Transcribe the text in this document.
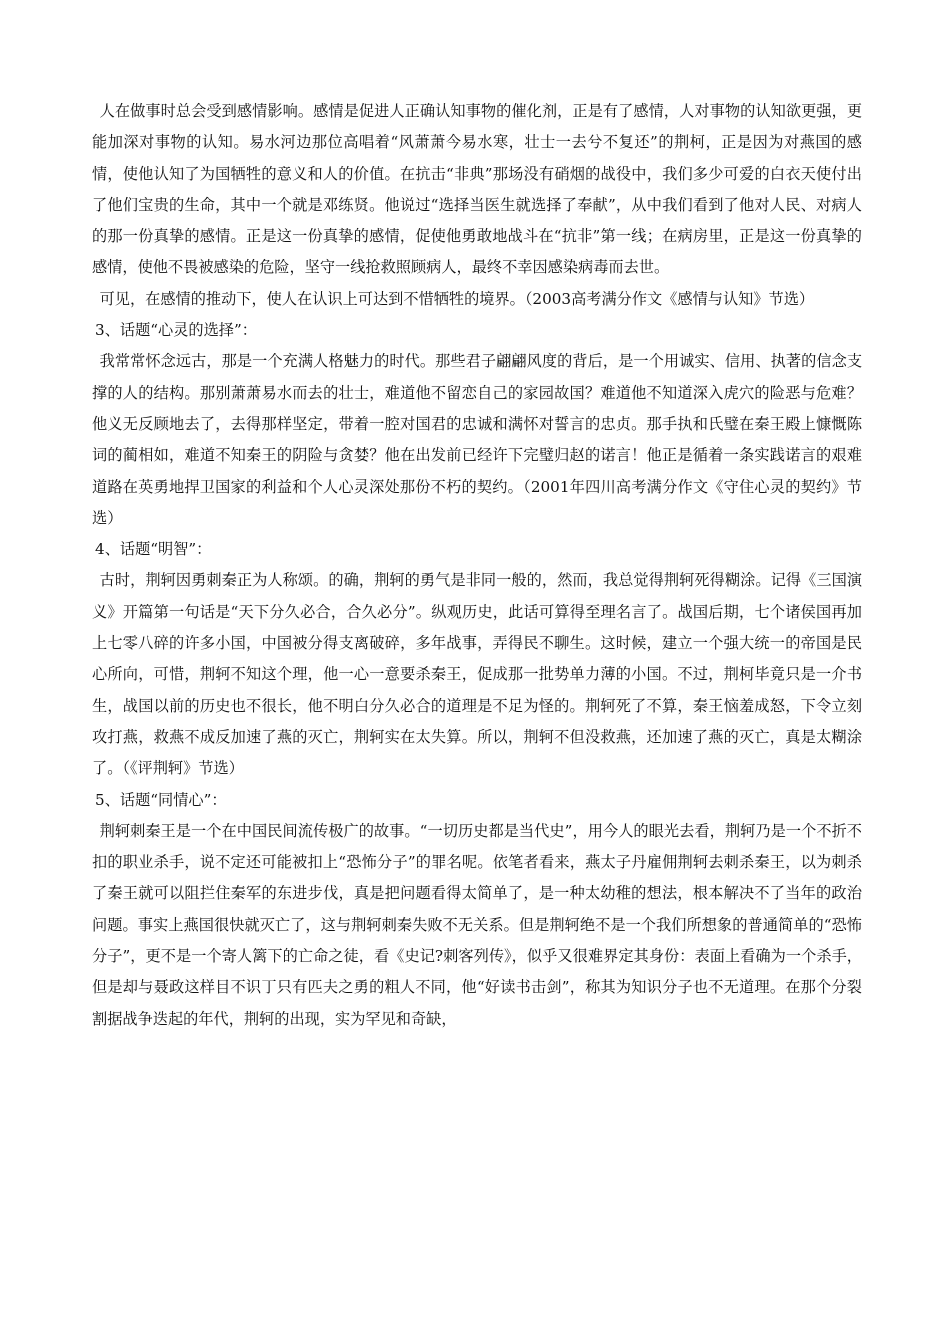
人在做事时总会受到感情影响。感情是促进人正确认知事物的催化剂，正是有了感情，人对事物的认知欲更强，更能加深对事物的认知。易水河边那位高唱着“风萧萧今易水寒，壮士一去兮不复还”的荆柯，正是因为对燕国的感情，使他认知了为国牺牲的意义和人的价值。在抗击“非典”那场没有硝烟的战役中，我们多少可爱的白衣天使付出了他们宝贵的生命，其中一个就是邓练贤。他说过“选择当医生就选择了奉献”，从中我们看到了他对人民、对病人的那一份真挚的感情。正是这一份真挚的感情，促使他勇敢地战斗在“抗非”第一线；在病房里，正是这一份真挚的感情，使他不畏被感染的危险，坚守一线抢救照顾病人，最终不幸因感染病毒而去世。

可见，在感情的推动下，使人在认识上可达到不惜牺牲的境界。（2003高考满分作文《感情与认知》节选）

3、话题“心灵的选择”：

我常常怀念远古，那是一个充满人格魅力的时代。那些君子翩翩风度的背后，是一个用诚实、信用、执著的信念支撑的人的结构。那别萧萧易水而去的壮士，难道他不留恋自己的家园故国？难道他不知道深入虎穴的险恶与危难？他义无反顾地去了，去得那样坚定，带着一腔对国君的忠诚和满怀对誓言的忠贞。那手执和氏璧在秦王殿上慷慨陈词的蔺相如，难道不知秦王的阴险与贪婪？他在出发前已经许下完璧归赵的诺言！他正是循着一条实践诺言的艰难道路在英勇地捍卫国家的利益和个人心灵深处那份不朽的契约。（2001年四川高考满分作文《守住心灵的契约》节选）

4、话题“明智”：

古时，荆轲因勇刺秦正为人称颂。的确，荆轲的勇气是非同一般的，然而，我总觉得荆轲死得糊涂。记得《三国演义》开篇第一句话是“天下分久必合，合久必分”。纵观历史，此话可算得至理名言了。战国后期，七个诸侯国再加上七零八碎的许多小国，中国被分得支离破碎，多年战事，弄得民不聊生。这时候，建立一个强大统一的帝国是民心所向，可惜，荆轲不知这个理，他一心一意要杀秦王，促成那一批势单力薄的小国。不过，荆柯毕竟只是一介书生，战国以前的历史也不很长，他不明白分久必合的道理是不足为怪的。荆轲死了不算，秦王恼羞成怒，下令立刻攻打燕，救燕不成反加速了燕的灭亡，荆轲实在太失算。所以，荆轲不但没救燕，还加速了燕的灭亡，真是太糊涂了。（《评荆轲》节选）

5、话题“同情心”：

荆轲刺秦王是一个在中国民间流传极广的故事。“一切历史都是当代史”，用今人的眼光去看，荆轲乃是一个不折不扣的职业杀手，说不定还可能被扣上“恐怖分子”的罪名呢。依笔者看来，燕太子丹雇佣荆轲去刺杀秦王，以为刺杀了秦王就可以阻拦住秦军的东进步伐，真是把问题看得太简单了，是一种太幼稚的想法，根本解决不了当年的政治问题。事实上燕国很快就灭亡了，这与荆轲刺秦失败不无关系。但是荆轲绝不是一个我们所想象的普通简单的“恐怖分子”，更不是一个寄人篱下的亡命之徒，看《史记?刺客列传》，似乎又很难界定其身份：表面上看确为一个杀手，但是却与聂政这样目不识丁只有匹夫之勇的粗人不同，他“好读书击剑”，称其为知识分子也不无道理。在那个分裂割据战争迭起的年代，荆轲的出现，实为罕见和奇缺，
